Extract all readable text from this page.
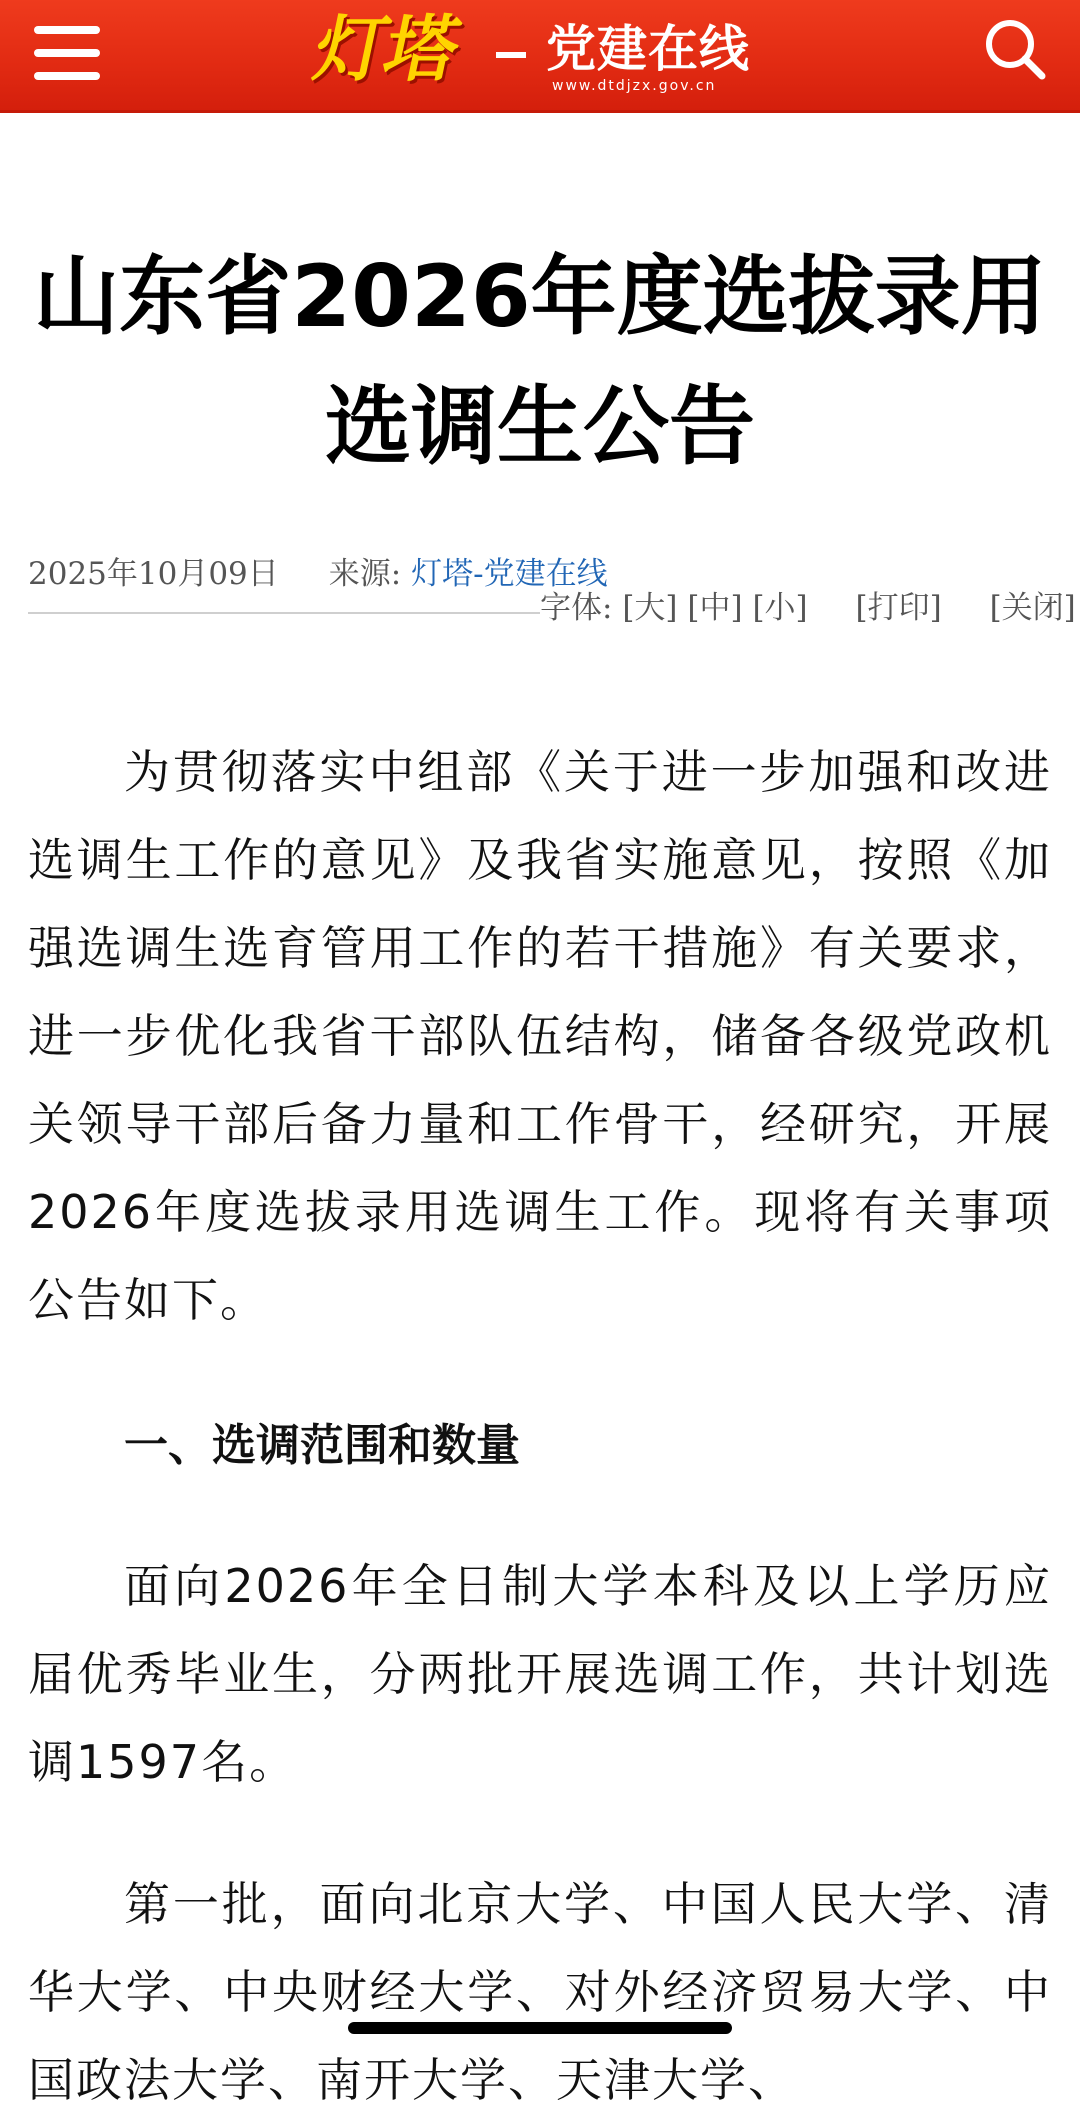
灯塔 党建在线
www.dtdjzx.gov.cn
山东省2026年度选拔录用选调生公告
2025年10月09日 来源: 灯塔-党建在线
字体: [大] [中] [小] [打印] [关闭]
为贯彻落实中组部《关于进一步加强和改进选调生工作的意见》及我省实施意见，按照《加强选调生选育管用工作的若干措施》有关要求，进一步优化我省干部队伍结构，储备各级党政机关领导干部后备力量和工作骨干，经研究，开展2026年度选拔录用选调生工作。现将有关事项公告如下。
一、选调范围和数量
面向2026年全日制大学本科及以上学历应届优秀毕业生，分两批开展选调工作，共计划选调1597名。
第一批，面向北京大学、中国人民大学、清华大学、中央财经大学、对外经济贸易大学、中国政法大学、南开大学、天津大学、
